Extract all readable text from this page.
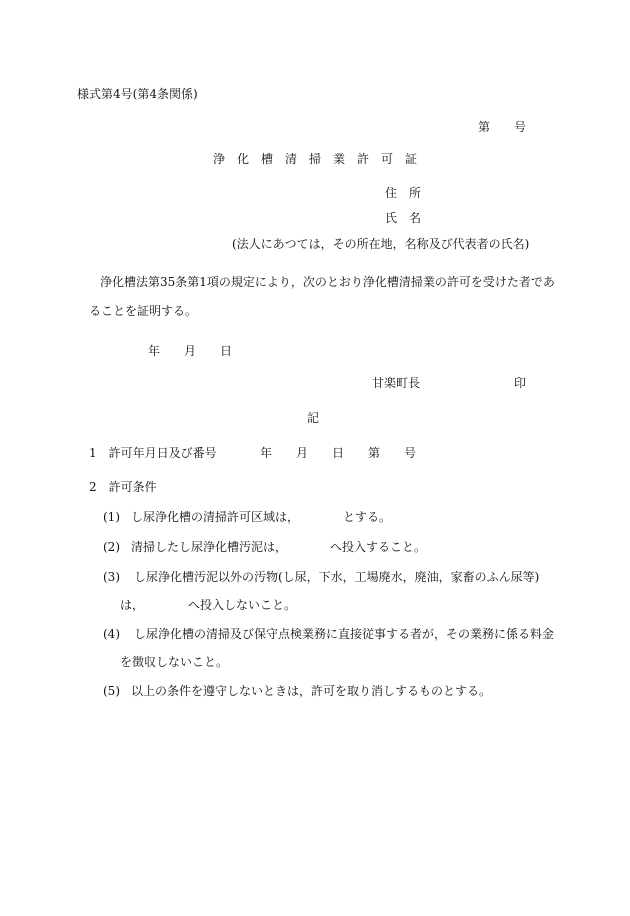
様式第4号(第4条関係)
第　　号
浄　化　槽　清　掃　業　許　可　証
住　所
氏　名
(法人にあつては，その所在地，名称及び代表者の氏名)
浄化槽法第35条第1項の規定により，次のとおり浄化槽清掃業の許可を受けた者であ
ることを証明する。
年　　月　　日
甘楽町長	印
記
1　許可年月日及び番号	年　　月　　日　　第　　号
2　許可条件
(1) し尿浄化槽の清掃許可区域は，	とする。
(2) 清掃したし尿浄化槽汚泥は，	へ投入すること。
(3) し尿浄化槽汚泥以外の汚物(し尿，下水，工場廃水，廃油，家畜のふん尿等)
は，	へ投入しないこと。
(4) し尿浄化槽の清掃及び保守点検業務に直接従事する者が，その業務に係る料金
を徴収しないこと。
(5) 以上の条件を遵守しないときは，許可を取り消しするものとする。
